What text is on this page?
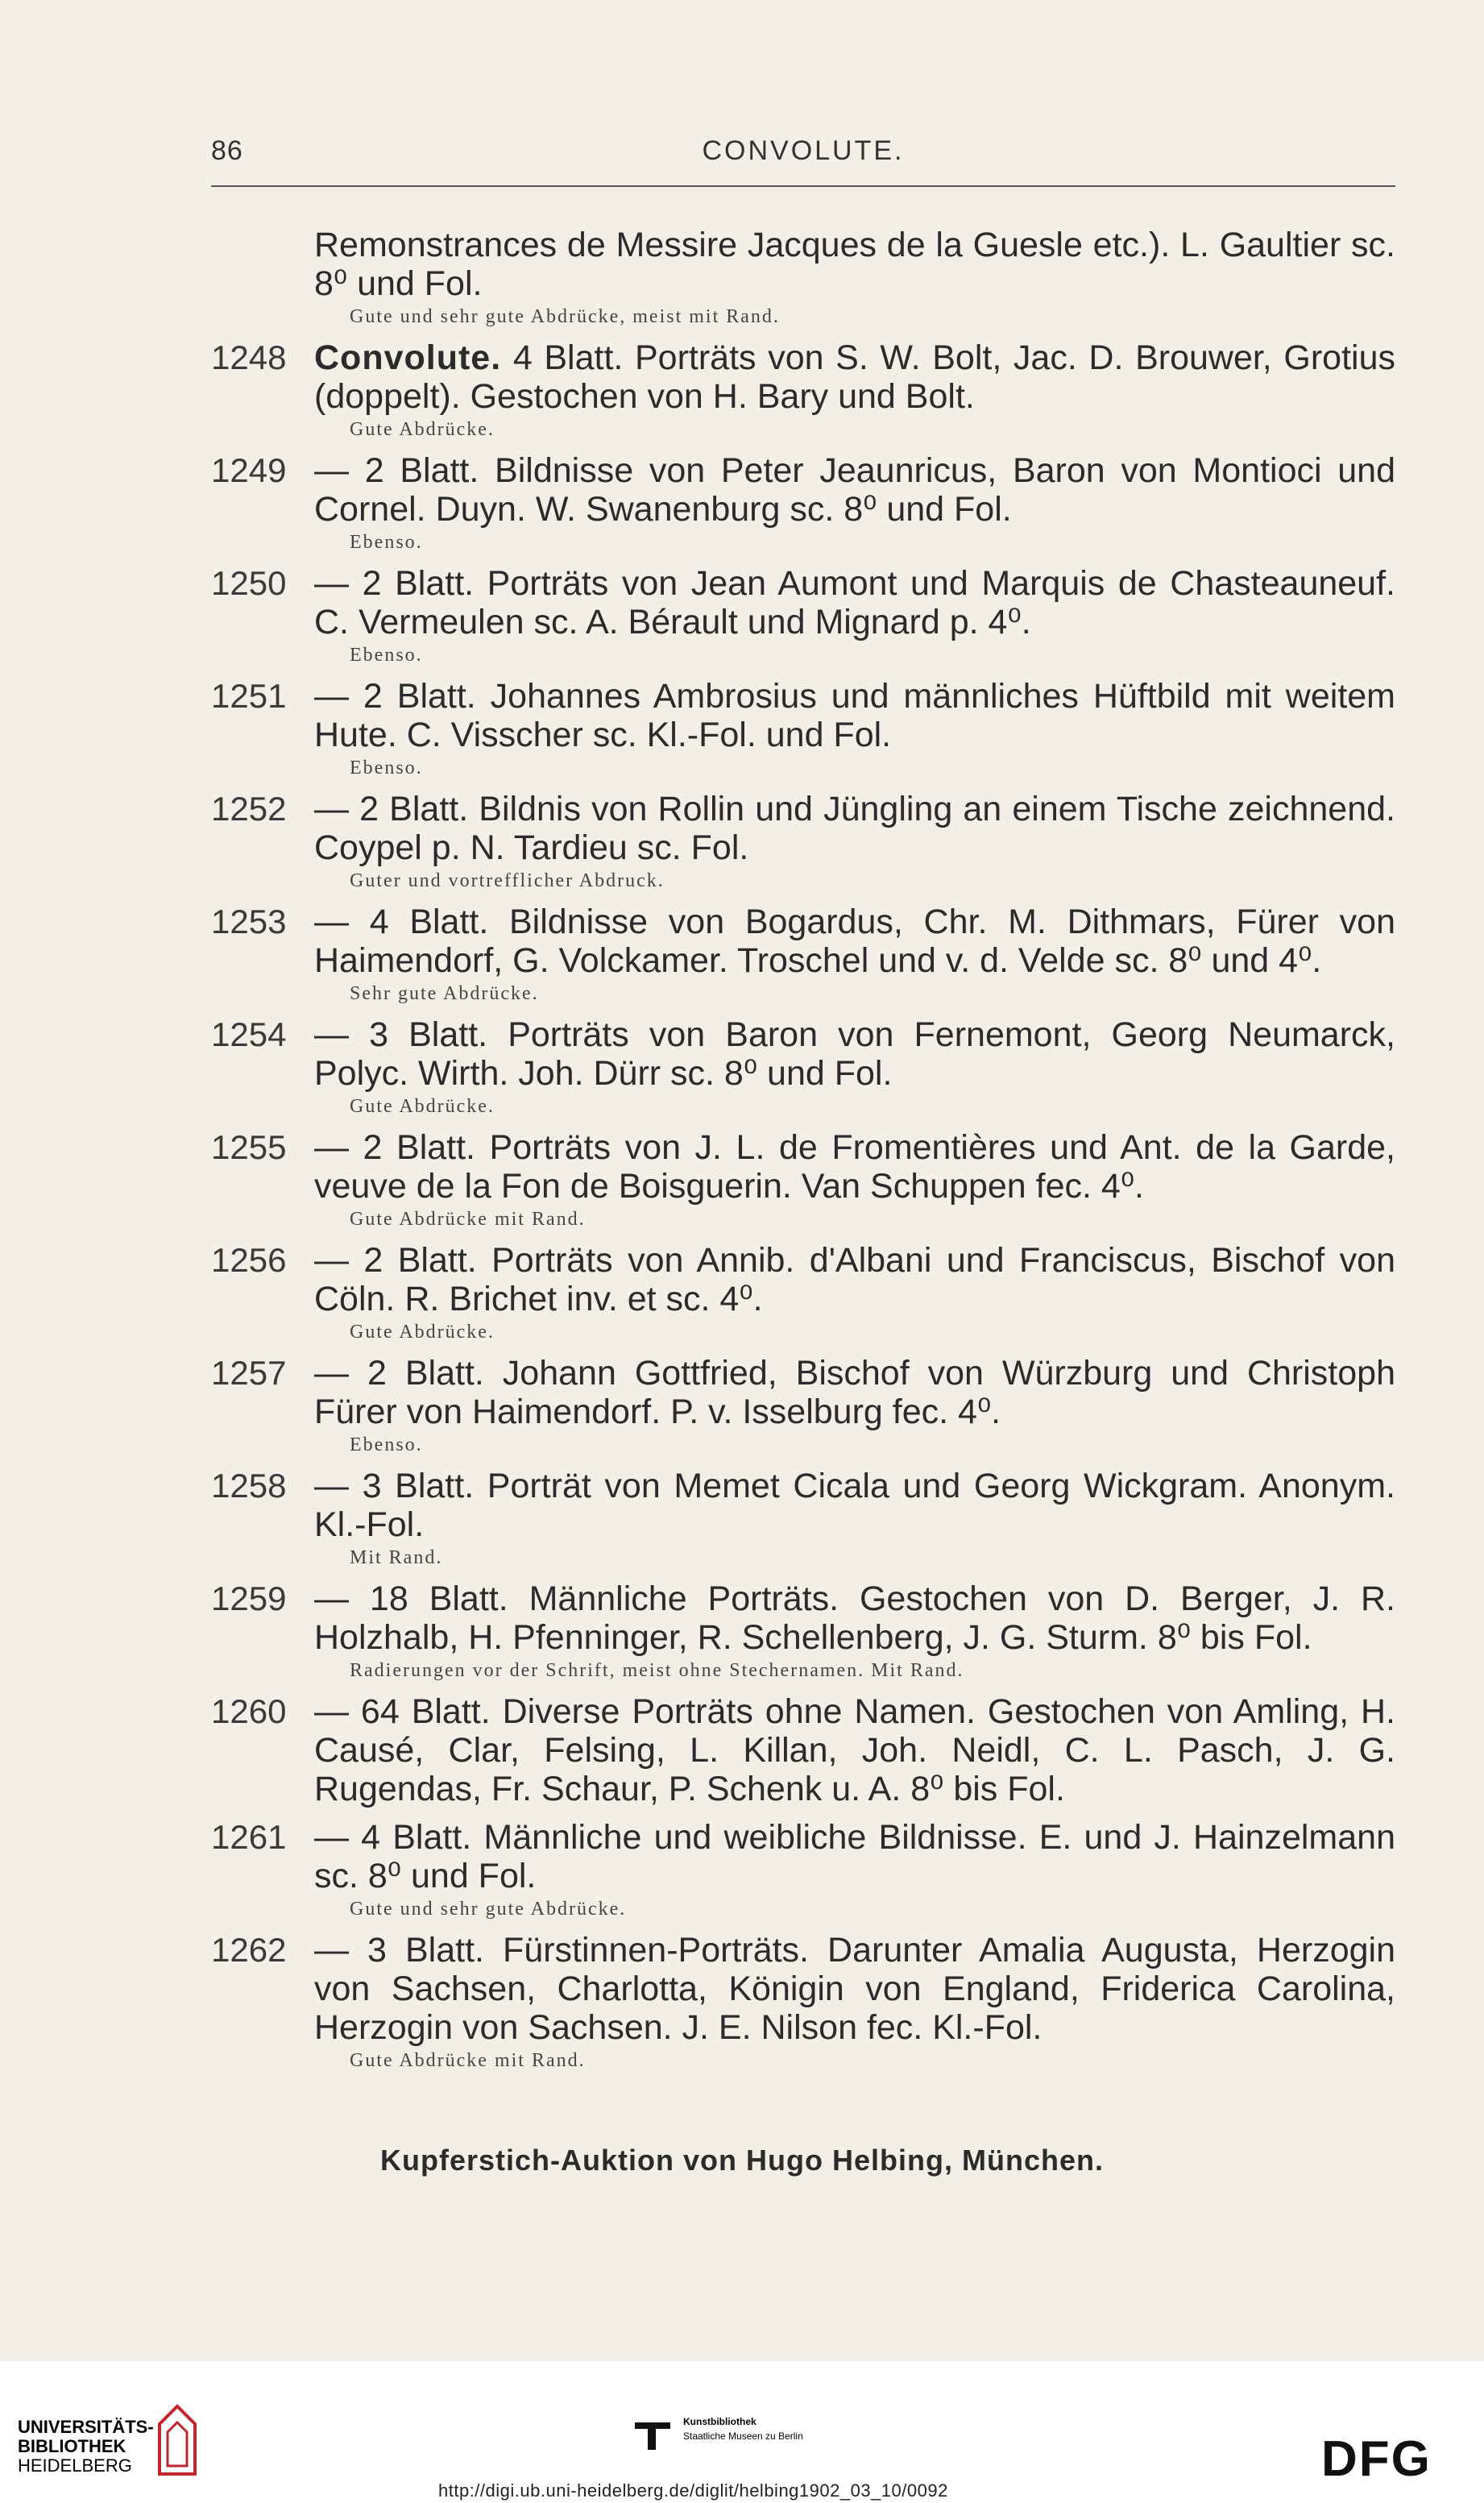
86	CONVOLUTE.
Remonstrances de Messire Jacques de la Guesle etc.). L. Gaultier sc. 8⁰ und Fol.
Gute und sehr gute Abdrücke, meist mit Rand.
1248 Convolute. 4 Blatt. Porträts von S. W. Bolt, Jac. D. Brouwer, Grotius (doppelt). Gestochen von H. Bary und Bolt.
Gute Abdrücke.
1249 — 2 Blatt. Bildnisse von Peter Jeaunricus, Baron von Montioci und Cornel. Duyn. W. Swanenburg sc. 8⁰ und Fol.
Ebenso.
1250 — 2 Blatt. Porträts von Jean Aumont und Marquis de Chasteauneuf. C. Vermeulen sc. A. Bérault und Mignard p. 4⁰.
Ebenso.
1251 — 2 Blatt. Johannes Ambrosius und männliches Hüftbild mit weitem Hute. C. Visscher sc. Kl.-Fol. und Fol.
Ebenso.
1252 — 2 Blatt. Bildnis von Rollin und Jüngling an einem Tische zeichnend. Coypel p. N. Tardieu sc. Fol.
Guter und vortrefflicher Abdruck.
1253 — 4 Blatt. Bildnisse von Bogardus, Chr. M. Dithmars, Fürer von Haimendorf, G. Volckamer. Troschel und v. d. Velde sc. 8⁰ und 4⁰.
Sehr gute Abdrücke.
1254 — 3 Blatt. Porträts von Baron von Fernemont, Georg Neumarck, Polyc. Wirth. Joh. Dürr sc. 8⁰ und Fol.
Gute Abdrücke.
1255 — 2 Blatt. Porträts von J. L. de Fromentières und Ant. de la Garde, veuve de la Fon de Boisguerin. Van Schuppen fec. 4⁰.
Gute Abdrücke mit Rand.
1256 — 2 Blatt. Porträts von Annib. d'Albani und Franciscus, Bischof von Cöln. R. Brichet inv. et sc. 4⁰.
Gute Abdrücke.
1257 — 2 Blatt. Johann Gottfried, Bischof von Würzburg und Christoph Fürer von Haimendorf. P. v. Isselburg fec. 4⁰.
Ebenso.
1258 — 3 Blatt. Porträt von Memet Cicala und Georg Wickgram. Anonym. Kl.-Fol.
Mit Rand.
1259 — 18 Blatt. Männliche Porträts. Gestochen von D. Berger, J. R. Holzhalb, H. Pfenninger, R. Schellenberg, J. G. Sturm. 8⁰ bis Fol.
Radierungen vor der Schrift, meist ohne Stechernamen. Mit Rand.
1260 — 64 Blatt. Diverse Porträts ohne Namen. Gestochen von Amling, H. Causé, Clar, Felsing, L. Killan, Joh. Neidl, C. L. Pasch, J. G. Rugendas, Fr. Schaur, P. Schenk u. A. 8⁰ bis Fol.
1261 — 4 Blatt. Männliche und weibliche Bildnisse. E. und J. Hainzelmann sc. 8⁰ und Fol.
Gute und sehr gute Abdrücke.
1262 — 3 Blatt. Fürstinnen-Porträts. Darunter Amalia Augusta, Herzogin von Sachsen, Charlotta, Königin von England, Friderica Carolina, Herzogin von Sachsen. J. E. Nilson fec. Kl.-Fol.
Gute Abdrücke mit Rand.
Kupferstich-Auktion von Hugo Helbing, München.
UNIVERSITÄTS-
BIBLIOTHEK
HEIDELBERG
Kunstbibliothek
Staatliche Museen zu Berlin	DFG
http://digi.ub.uni-heidelberg.de/diglit/helbing1902_03_10/0092
